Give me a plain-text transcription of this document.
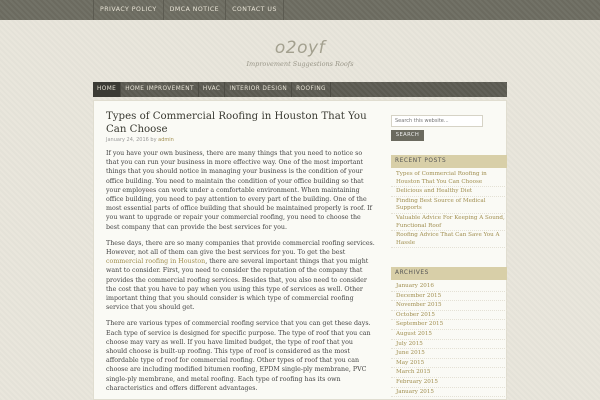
PRIVACY POLICY	DMCA NOTICE	CONTACT US
o2oyf
Improvement Suggestions Roofs
HOME	HOME IMPROVEMENT	HVAC	INTERIOR DESIGN	ROOFING
Types of Commercial Roofing in Houston That You Can Choose
January 24, 2016 by admin

If you have your own business, there are many things that you need to notice so that you can run your business in more effective way. One of the most important things that you should notice in managing your business is the condition of your office building. You need to maintain the condition of your office building so that your employees can work under a comfortable environment. When maintaining office building, you need to pay attention to every part of the building. One of the most essential parts of office building that should be maintained properly is roof. If you want to upgrade or repair your commercial roofing, you need to choose the best company that can provide the best services for you.

These days, there are so many companies that provide commercial roofing services. However, not all of them can give the best services for you. To get the best commercial roofing in Houston, there are several important things that you might want to consider. First, you need to consider the reputation of the company that provides the commercial roofing services. Besides that, you also need to consider the cost that you have to pay when you using this type of services as well. Other important thing that you should consider is which type of commercial roofing service that you should get.

There are various types of commercial roofing service that you can get these days. Each type of service is designed for specific purpose. The type of roof that you can choose may vary as well. If you have limited budget, the type of roof that you should choose is built-up roofing. This type of roof is considered as the most affordable type of roof for commercial roofing. Other types of roof that you can choose are including modified bitumen roofing, EPDM single-ply membrane, PVC single-ply membrane, and metal roofing. Each type of roofing has its own characteristics and offers different advantages.

Search this website...
SEARCH
RECENT POSTS
Types of Commercial Roofing in Houston That You Can Choose
Delicious and Healthy Diet
Finding Best Source of Medical Supports
Valuable Advice For Keeping A Sound, Functional Roof
Roofing Advice That Can Save You A Hassle
ARCHIVES
January 2016
December 2015
November 2015
October 2015
September 2015
August 2015
July 2015
June 2015
May 2015
March 2015
February 2015
January 2015
